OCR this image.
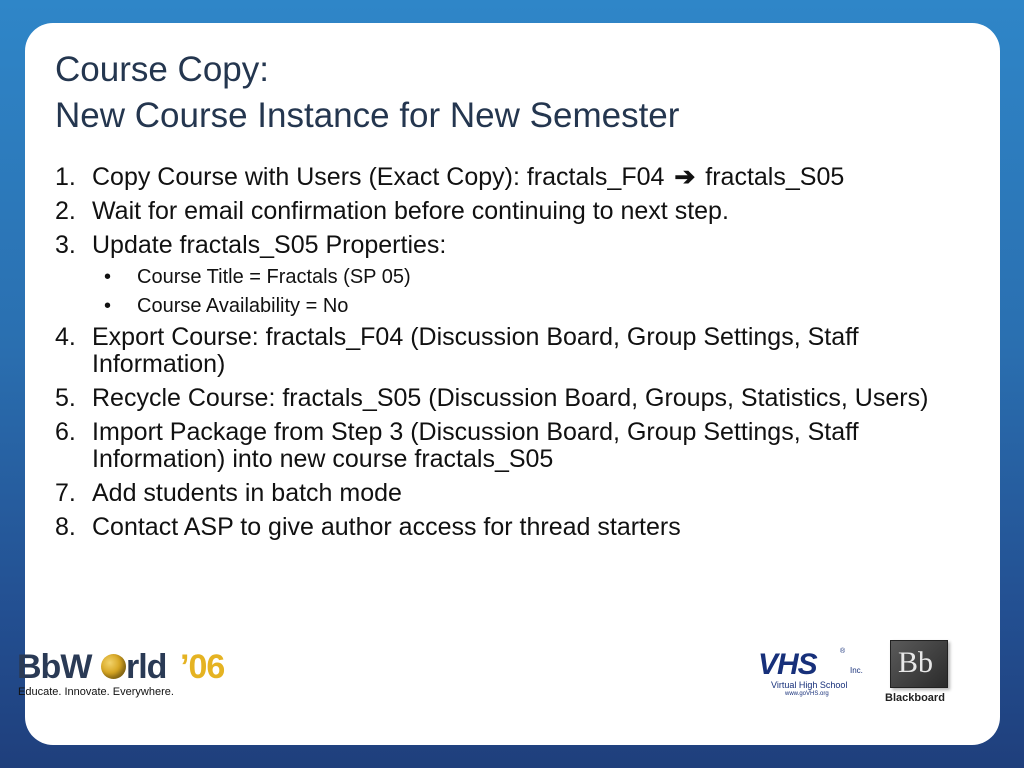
Course Copy:
New Course Instance for New Semester
1. Copy Course with Users (Exact Copy): fractals_F04 ➔ fractals_S05
2. Wait for email confirmation before continuing to next step.
3. Update fractals_S05 Properties:
• Course Title = Fractals (SP 05)
• Course Availability = No
4. Export Course: fractals_F04 (Discussion Board, Group Settings, Staff Information)
5. Recycle Course: fractals_S05 (Discussion Board, Groups, Statistics, Users)
6. Import Package from Step 3 (Discussion Board, Group Settings, Staff Information) into new course fractals_S05
7. Add students in batch mode
8. Contact ASP to give author access for thread starters
BbW rld ’06
Educate. Innovate. Everywhere.
VHS	®
Inc.
Virtual High School
www.goVHS.org
Bb
Blackboard
